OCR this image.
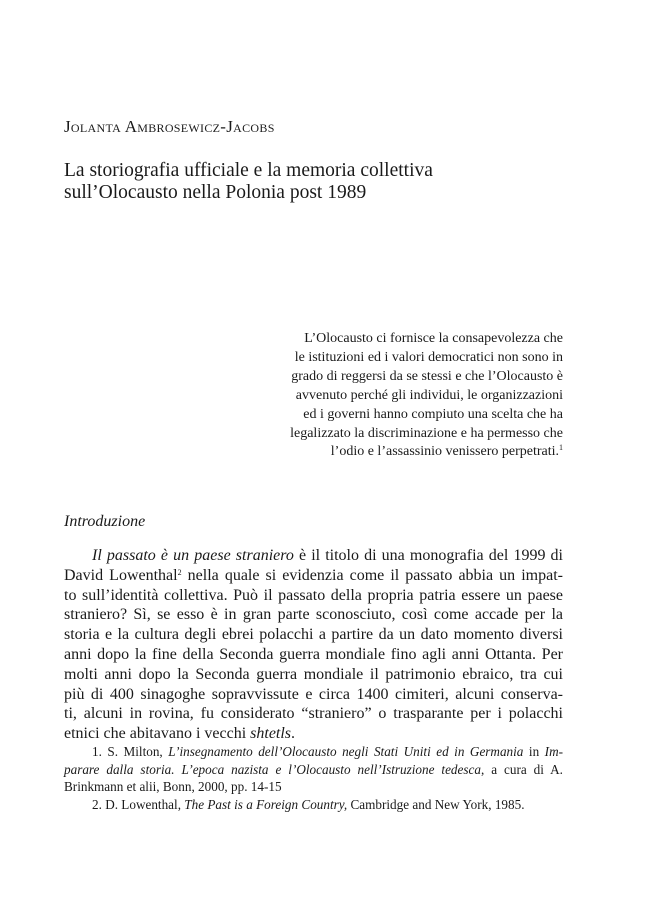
Jolanta Ambrosewicz-Jacobs
La storiografia ufficiale e la memoria collettiva
sull’Olocausto nella Polonia post 1989
L’Olocausto ci fornisce la consapevolezza che
le istituzioni ed i valori democratici non sono in
grado di reggersi da se stessi e che l’Olocausto è
avvenuto perché gli individui, le organizzazioni
ed i governi hanno compiuto una scelta che ha
legalizzato la discriminazione e ha permesso che
l’odio e l’assassinio venissero perpetrati.$^1$
Introduzione
Il passato è un paese straniero è il titolo di una monografia del 1999 di
David Lowenthal$^2$ nella quale si evidenzia come il passato abbia un impat-
to sull’identità collettiva. Può il passato della propria patria essere un paese
straniero? Sì, se esso è in gran parte sconosciuto, così come accade per la
storia e la cultura degli ebrei polacchi a partire da un dato momento diversi
anni dopo la fine della Seconda guerra mondiale fino agli anni Ottanta. Per
molti anni dopo la Seconda guerra mondiale il patrimonio ebraico, tra cui
più di 400 sinagoghe sopravvissute e circa 1400 cimiteri, alcuni conserva-
ti, alcuni in rovina, fu considerato “straniero” o trasparante per i polacchi
etnici che abitavano i vecchi shtetls.
1. S. Milton, L’insegnamento dell’Olocausto negli Stati Uniti ed in Germania in Im-
parare dalla storia. L’epoca nazista e l’Olocausto nell’Istruzione tedesca, a cura di A.
Brinkmann et alii, Bonn, 2000, pp. 14-15
2. D. Lowenthal, The Past is a Foreign Country, Cambridge and New York, 1985.
